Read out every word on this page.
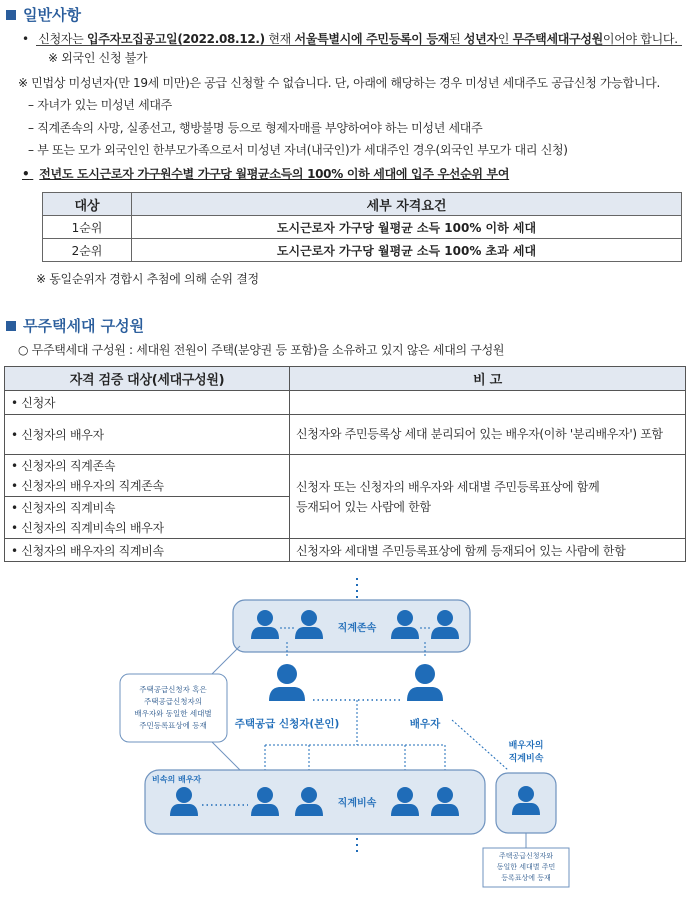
일반사항
• 신청자는 입주자모집공고일(2022.08.12.) 현재 서울특별시에 주민등록이 등재된 성년자인 무주택세대구성원이어야 합니다.
※ 외국인 신청 불가
※ 민법상 미성년자(만 19세 미만)은 공급 신청할 수 없습니다. 단, 아래에 해당하는 경우 미성년 세대주도 공급신청 가능합니다.
– 자녀가 있는 미성년 세대주
– 직계존속의 사망, 실종선고, 행방불명 등으로 형제자매를 부양하여야 하는 미성년 세대주
– 부 또는 모가 외국인인 한부모가족으로서 미성년 자녀(내국인)가 세대주인 경우(외국인 부모가 대리 신청)
• 전년도 도시근로자 가구원수별 가구당 월평균소득의 100% 이하 세대에 입주 우선순위 부여
대상	세부 자격요건
1순위	도시근로자 가구당 월평균 소득 100% 이하 세대
2순위	도시근로자 가구당 월평균 소득 100% 초과 세대
※ 동일순위자 경합시 추첨에 의해 순위 결정
무주택세대 구성원
○ 무주택세대 구성원 : 세대원 전원이 주택(분양권 등 포함)을 소유하고 있지 않은 세대의 구성원
자격 검증 대상(세대구성원)	비 고
• 신청자	
• 신청자의 배우자	신청자와 주민등록상 세대 분리되어 있는 배우자(이하 '분리배우자') 포함

• 신청자의 직계존속
• 신청자의 배우자의 직계존속	신청자 또는 신청자의 배우자와 세대별 주민등록표상에 함께
등재되어 있는 사람에 한함

• 신청자의 직계비속
• 신청자의 직계비속의 배우자	

• 신청자의 배우자의 직계비속	신청자와 세대별 주민등록표상에 함께 등재되어 있는 사람에 한함
직계존속
주택공급 신청자(본인)	배우자
주택공급신청자 혹은
주택공급신청자의
배우자와 동일한 세대별
주민등록표상에 등재
비속의 배우자
직계비속
배우자의
직계비속
주택공급신청자와
동일한 세대별 주민
등록표상에 등재
